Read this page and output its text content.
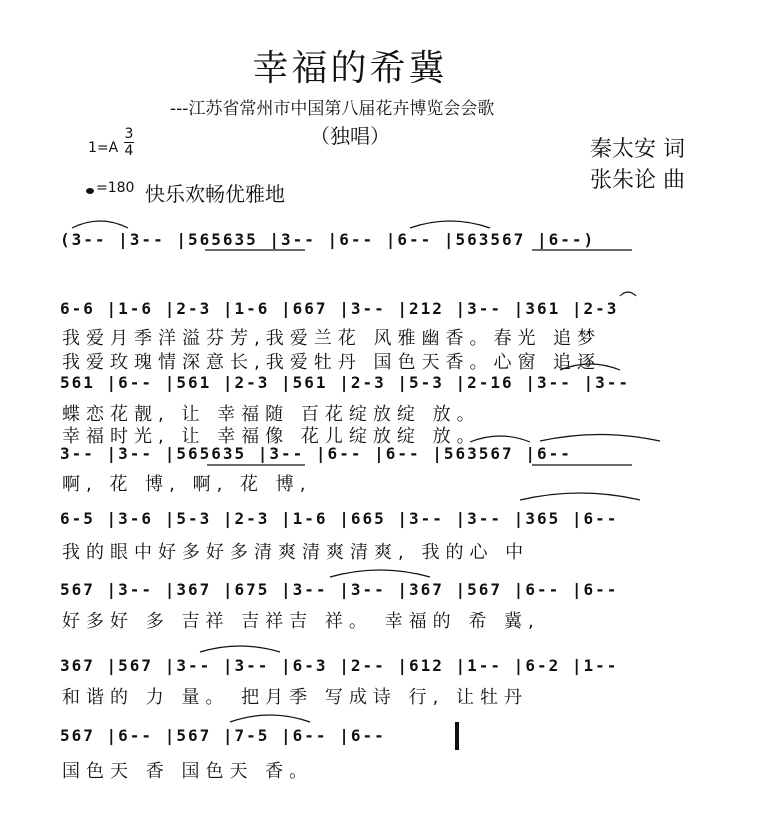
幸福的希冀
---江苏省常州市中国第八届花卉博览会会歌
（独唱）
1=A
3
4
=180 快乐欢畅优雅地
秦太安 词
张朱论 曲
(3-- |3-- |565635 |3-- |6-- |6-- |563567 |6--)
6-6 |1-6 |2-3 |1-6 |667 |3-- |212 |3-- |361 |2-3
我爱月季洋溢芬芳,我爱兰花 风雅幽香。春光 追梦
我爱玫瑰情深意长,我爱牡丹 国色天香。心窗 追逐
561 |6-- |561 |2-3 |561 |2-3 |5-3 |2-16 |3-- |3--
蝶恋花靓, 让 幸福随 百花绽放绽 放。
幸福时光, 让 幸福像 花儿绽放绽 放。
3-- |3-- |565635 |3-- |6-- |6-- |563567 |6--
啊, 花 博, 啊, 花 博,
6-5 |3-6 |5-3 |2-3 |1-6 |665 |3-- |3-- |365 |6--
我的眼中好多好多清爽清爽清爽, 我的心 中
567 |3-- |367 |675 |3-- |3-- |367 |567 |6-- |6--
好多好 多 吉祥 吉祥吉 祥。 幸福的 希 冀,
367 |567 |3-- |3-- |6-3 |2-- |612 |1-- |6-2 |1--
和谐的 力 量。 把月季 写成诗 行, 让牡丹
567 |6-- |567 |7-5 |6-- |6--
国色天 香 国色天 香。
